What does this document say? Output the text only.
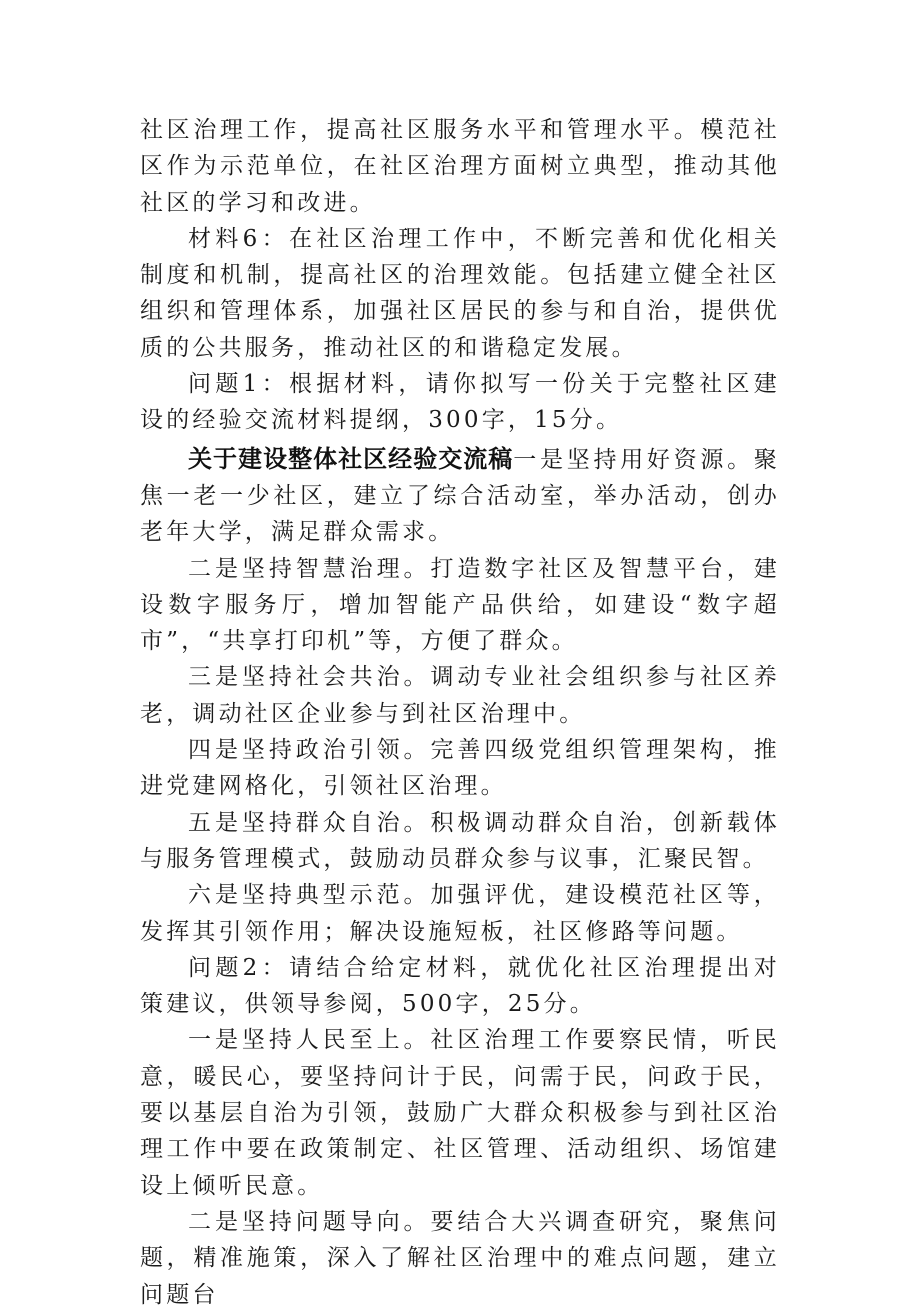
社区治理工作，提高社区服务水平和管理水平。模范社区作为示范单位，在社区治理方面树立典型，推动其他社区的学习和改进。

材料6：在社区治理工作中，不断完善和优化相关制度和机制，提高社区的治理效能。包括建立健全社区组织和管理体系，加强社区居民的参与和自治，提供优质的公共服务，推动社区的和谐稳定发展。

问题1：根据材料，请你拟写一份关于完整社区建设的经验交流材料提纲，300字，15分。

关于建设整体社区经验交流稿一是坚持用好资源。聚焦一老一少社区，建立了综合活动室，举办活动，创办老年大学，满足群众需求。

二是坚持智慧治理。打造数字社区及智慧平台，建设数字服务厅，增加智能产品供给，如建设“数字超市”，“共享打印机”等，方便了群众。

三是坚持社会共治。调动专业社会组织参与社区养老，调动社区企业参与到社区治理中。

四是坚持政治引领。完善四级党组织管理架构，推进党建网格化，引领社区治理。

五是坚持群众自治。积极调动群众自治，创新载体与服务管理模式，鼓励动员群众参与议事，汇聚民智。

六是坚持典型示范。加强评优，建设模范社区等，发挥其引领作用；解决设施短板，社区修路等问题。

问题2：请结合给定材料，就优化社区治理提出对策建议，供领导参阅，500字，25分。

一是坚持人民至上。社区治理工作要察民情，听民意，暖民心，要坚持问计于民，问需于民，问政于民，要以基层自治为引领，鼓励广大群众积极参与到社区治理工作中要在政策制定、社区管理、活动组织、场馆建设上倾听民意。

二是坚持问题导向。要结合大兴调查研究，聚焦问题，精准施策，深入了解社区治理中的难点问题，建立问题台
